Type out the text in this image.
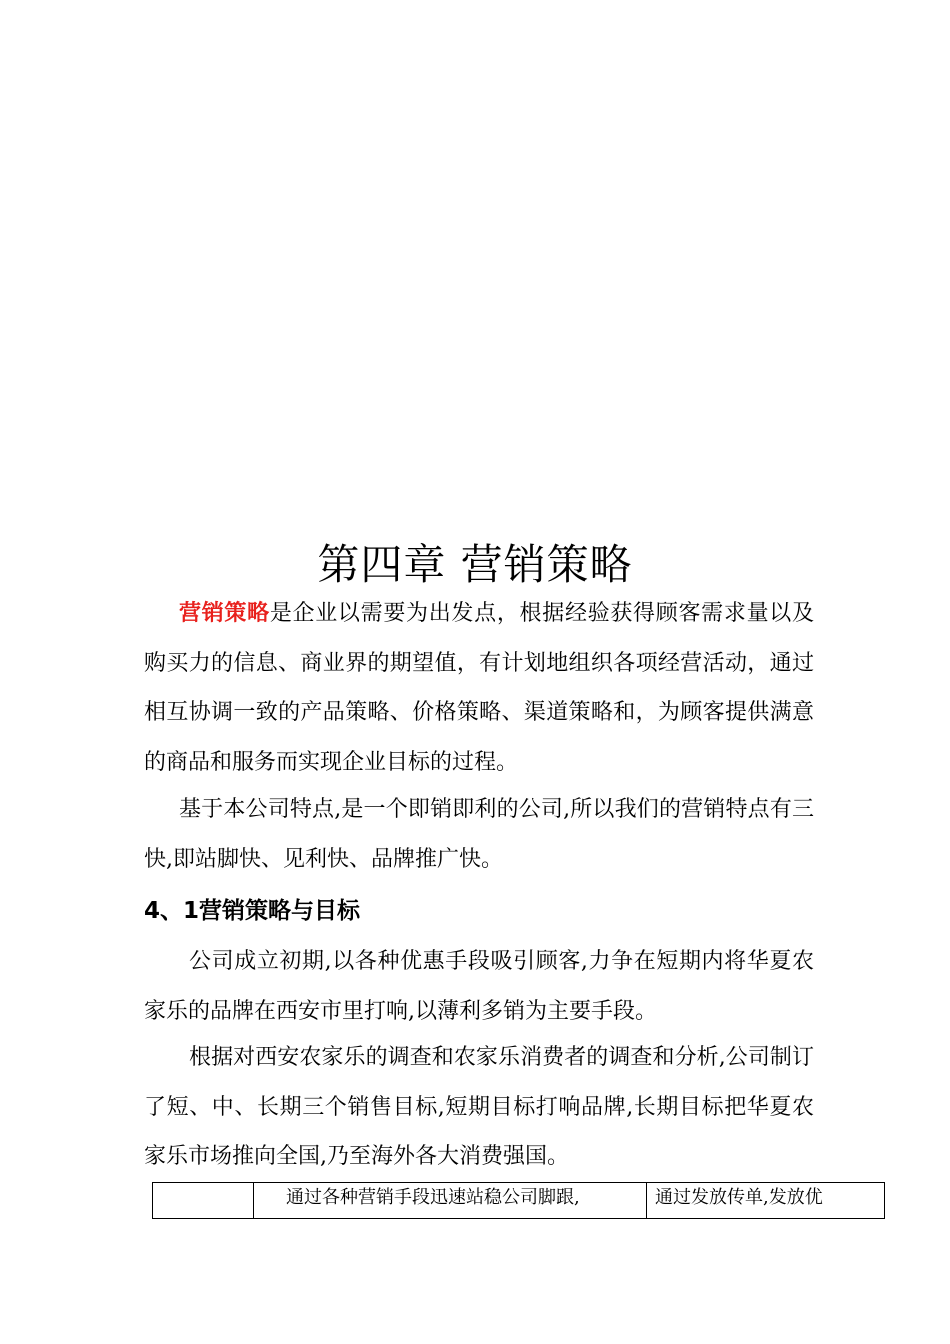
第四章 营销策略
营销策略是企业以需要为出发点，根据经验获得顾客需求量以及购买力的信息、商业界的期望值，有计划地组织各项经营活动，通过相互协调一致的产品策略、价格策略、渠道策略和，为顾客提供满意的商品和服务而实现企业目标的过程。
基于本公司特点,是一个即销即利的公司,所以我们的营销特点有三快,即站脚快、见利快、品牌推广快。
4、1营销策略与目标
公司成立初期,以各种优惠手段吸引顾客,力争在短期内将华夏农家乐的品牌在西安市里打响,以薄利多销为主要手段。
根据对西安农家乐的调查和农家乐消费者的调查和分析,公司制订了短、中、长期三个销售目标,短期目标打响品牌,长期目标把华夏农家乐市场推向全国,乃至海外各大消费强国。
	通过各种营销手段迅速站稳公司脚跟,	通过发放传单,发放优
